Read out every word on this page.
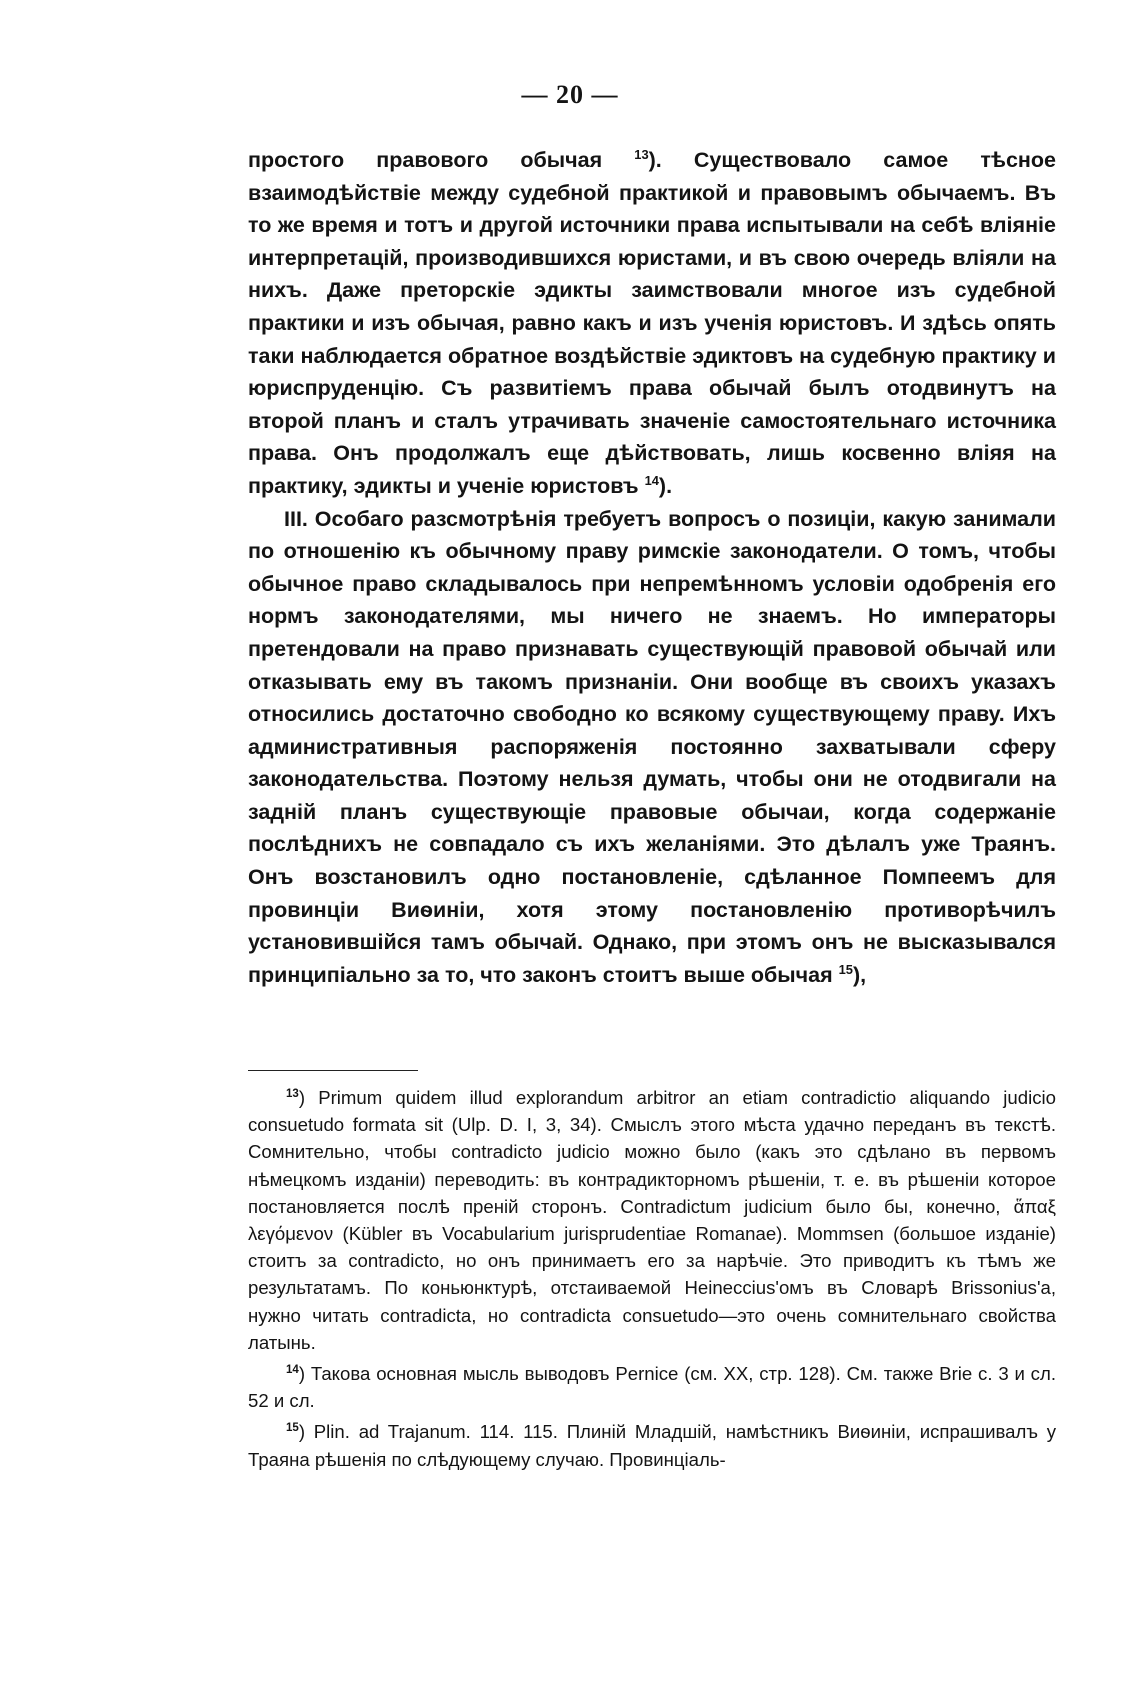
— 20 —

простого правового обычая $^{13}$). Существовало самое тѣсное взаимодѣйствіе между судебной практикой и правовымъ обычаемъ. Въ то же время и тотъ и другой источники права испытывали на себѣ вліяніе интерпретацій, производившихся юристами, и въ свою очередь вліяли на нихъ. Даже преторскіе эдикты заимствовали многое изъ судебной практики и изъ обычая, равно какъ и изъ ученія юристовъ. И здѣсь опять таки наблюдается обратное воздѣйствіе эдиктовъ на судебную практику и юриспруденцію. Съ развитіемъ права обычай былъ отодвинутъ на второй планъ и сталъ утрачивать значеніе самостоятельнаго источника права. Онъ продолжалъ еще дѣйствовать, лишь косвенно вліяя на практику, эдикты и ученіе юристовъ $^{14}$).

III. Особаго разсмотрѣнія требуетъ вопросъ о позиціи, какую занимали по отношенію къ обычному праву римскіе законодатели. О томъ, чтобы обычное право складывалось при непремѣнномъ условіи одобренія его нормъ законодателями, мы ничего не знаемъ. Но императоры претендовали на право признавать существующій правовой обычай или отказывать ему въ такомъ признаніи. Они вообще въ своихъ указахъ относились достаточно свободно ко всякому существующему праву. Ихъ административныя распоряженія постоянно захватывали сферу законодательства. Поэтому нельзя думать, чтобы они не отодвигали на задній планъ существующіе правовые обычаи, когда содержаніе послѣднихъ не совпадало съ ихъ желаніями. Это дѣлалъ уже Траянъ. Онъ возстановилъ одно постановленіе, сдѣланное Помпеемъ для провинціи Виѳиніи, хотя этому постановленію противорѣчилъ установившійся тамъ обычай. Однако, при этомъ онъ не высказывался принципіально за то, что законъ стоитъ выше обычая $^{15}$),

$^{13}$) Primum quidem illud explorandum arbitror an etiam contradictio aliquando judicio consuetudo formata sit (Ulp. D. I, 3, 34). Смыслъ этого мѣста удачно переданъ въ текстѣ. Сомнительно, чтобы contradicto judicio можно было (какъ это сдѣлано въ первомъ нѣмецкомъ изданіи) переводить: въ контрадикторномъ рѣшеніи, т. е. въ рѣшеніи которое постановляется послѣ преній сторонъ. Contradictum judicium было бы, конечно, ἅπαξ λεγόμενον (Kübler въ Vocabularium jurisprudentiae Romanae). Mommsen (большое изданіе) стоитъ за contradicto, но онъ принимаетъ его за нарѣчіе. Это приводитъ къ тѣмъ же результатамъ. По коньюнктурѣ, отстаиваемой Heineccius'омъ въ Словарѣ Brissonius'a, нужно читать contradicta, но contradicta consuetudo—это очень сомнительнаго свойства латынь.

$^{14}$) Такова основная мысль выводовъ Pernice (см. XX, стр. 128). См. также Brie с. 3 и сл. 52 и сл.

$^{15}$) Plin. ad Trajanum. 114. 115. Плиній Младшій, намѣстникъ Виѳиніи, испрашивалъ у Траяна рѣшенія по слѣдующему случаю. Провинціаль-
